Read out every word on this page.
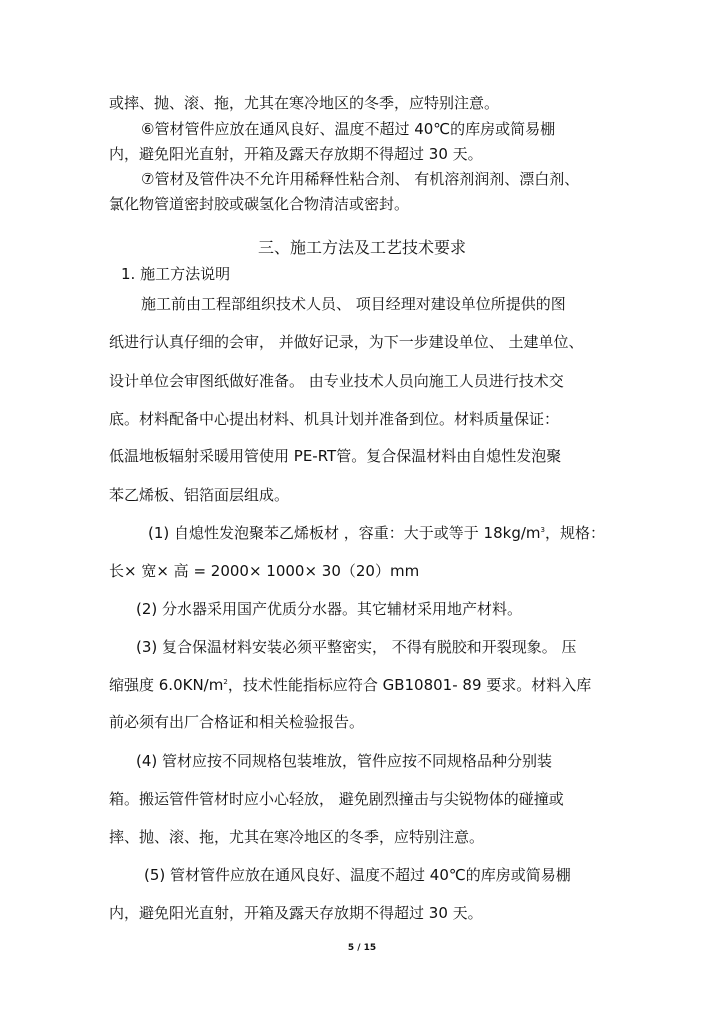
或摔、抛、滚、拖，尤其在寒冷地区的冬季，应特别注意。
⑥管材管件应放在通风良好、温度不超过 40℃的库房或简易棚
内，避免阳光直射，开箱及露天存放期不得超过 30 天。
⑦管材及管件决不允许用稀释性粘合剂、 有机溶剂润剂、漂白剂、
氯化物管道密封胶或碳氢化合物清洁或密封。
三、施工方法及工艺技术要求
1. 施工方法说明
施工前由工程部组织技术人员、 项目经理对建设单位所提供的图
纸进行认真仔细的会审， 并做好记录，为下一步建设单位、 土建单位、
设计单位会审图纸做好准备。 由专业技术人员向施工人员进行技术交
底。材料配备中心提出材料、机具计划并准备到位。材料质量保证：
低温地板辐射采暖用管使用 PE-RT管。复合保温材料由自熄性发泡聚
苯乙烯板、铝箔面层组成。
(1) 自熄性发泡聚苯乙烯板材 ，容重：大于或等于 $18kg/m^3$，规格：
长× 宽× 高 = 2000× 1000× 30（20）mm
(2) 分水器采用国产优质分水器。其它辅材采用地产材料。
(3) 复合保温材料安装必须平整密实， 不得有脱胶和开裂现象。 压
缩强度 $6.0KN/m^2$，技术性能指标应符合 GB10801- 89 要求。材料入库
前必须有出厂合格证和相关检验报告。
(4) 管材应按不同规格包装堆放，管件应按不同规格品种分别装
箱。搬运管件管材时应小心轻放， 避免剧烈撞击与尖锐物体的碰撞或
摔、抛、滚、拖，尤其在寒冷地区的冬季，应特别注意。
(5) 管材管件应放在通风良好、温度不超过 40℃的库房或简易棚
内，避免阳光直射，开箱及露天存放期不得超过 30 天。
5 / 15
